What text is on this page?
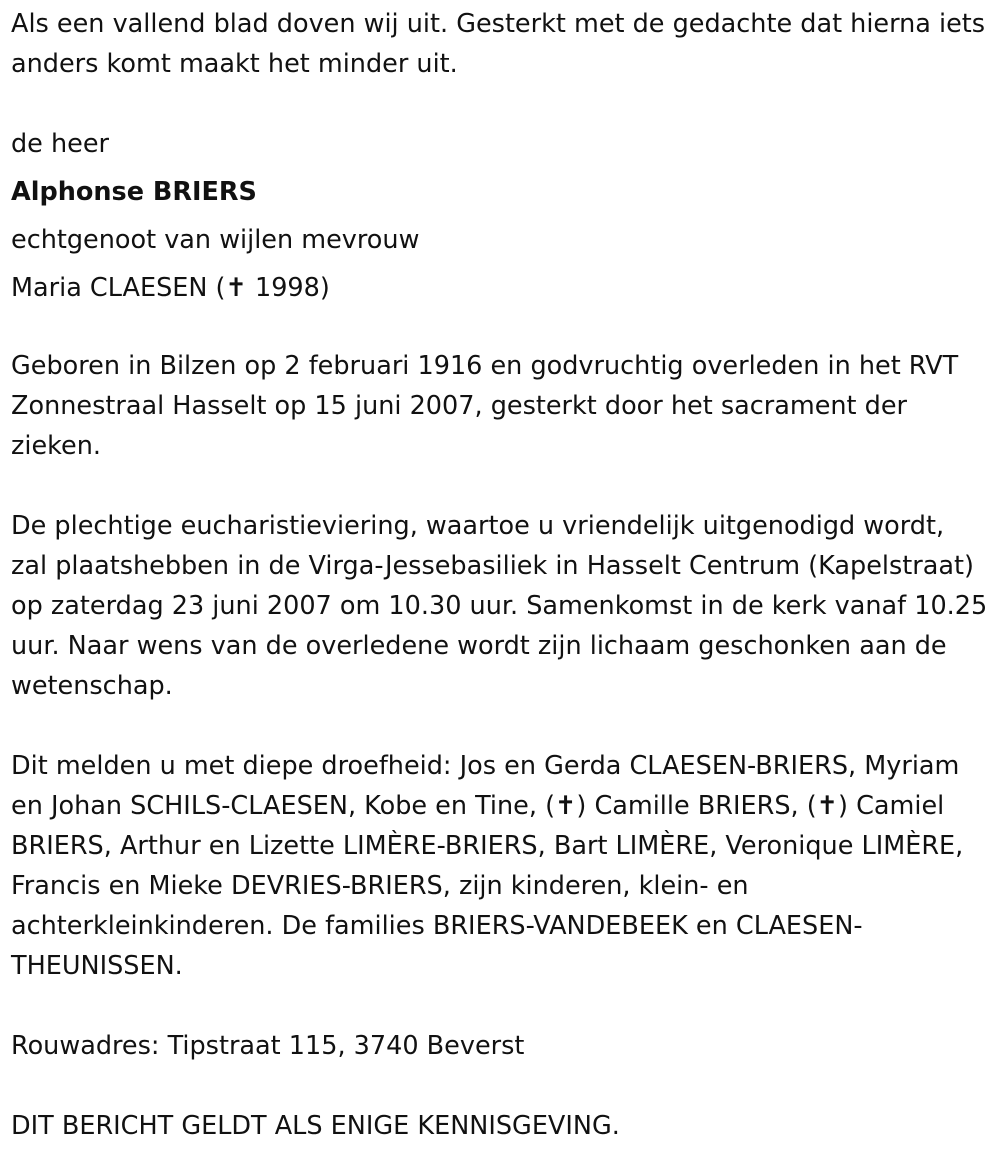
Als een vallend blad doven wij uit. Gesterkt met de gedachte dat hierna iets anders komt maakt het minder uit.

de heer

Alphonse BRIERS

echtgenoot van wijlen mevrouw

Maria CLAESEN (✝ 1998)

Geboren in Bilzen op 2 februari 1916 en godvruchtig overleden in het RVT Zonnestraal Hasselt op 15 juni 2007, gesterkt door het sacrament der zieken.

De plechtige eucharistieviering, waartoe u vriendelijk uitgenodigd wordt, zal plaatshebben in de Virga-Jessebasiliek in Hasselt Centrum (Kapelstraat) op zaterdag 23 juni 2007 om 10.30 uur. Samenkomst in de kerk vanaf 10.25 uur. Naar wens van de overledene wordt zijn lichaam geschonken aan de wetenschap.

Dit melden u met diepe droefheid: Jos en Gerda CLAESEN-BRIERS, Myriam en Johan SCHILS-CLAESEN, Kobe en Tine, (✝) Camille BRIERS, (✝) Camiel BRIERS, Arthur en Lizette LIMÈRE-BRIERS, Bart LIMÈRE, Veronique LIMÈRE, Francis en Mieke DEVRIES-BRIERS, zijn kinderen, klein- en achterkleinkinderen. De families BRIERS-VANDEBEEK en CLAESEN-THEUNISSEN.

Rouwadres: Tipstraat 115, 3740 Beverst

DIT BERICHT GELDT ALS ENIGE KENNISGEVING.
